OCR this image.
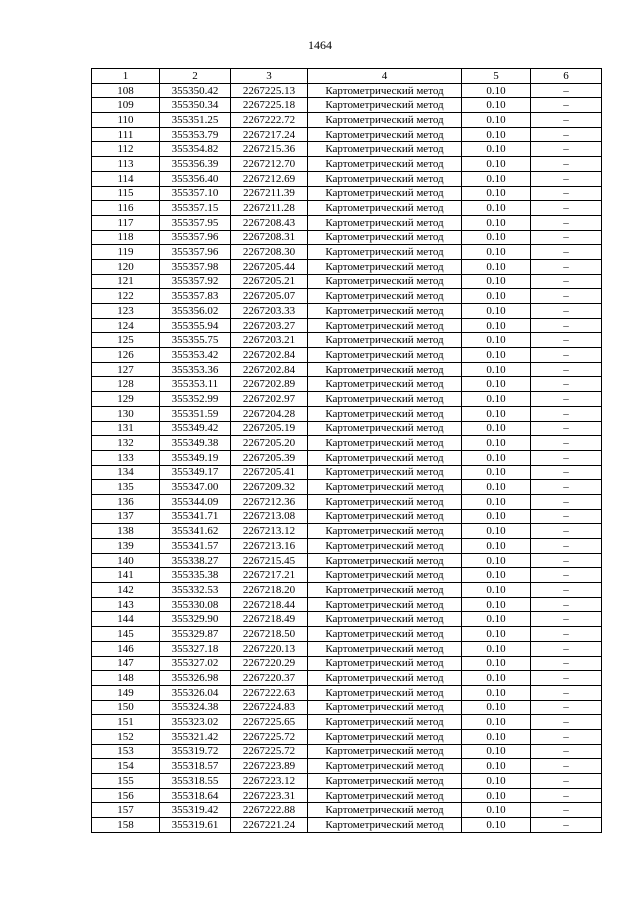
1464
1	2	3	4	5	6
108	355350.42	2267225.13	Картометрический метод	0.10	–
109	355350.34	2267225.18	Картометрический метод	0.10	–
110	355351.25	2267222.72	Картометрический метод	0.10	–
111	355353.79	2267217.24	Картометрический метод	0.10	–
112	355354.82	2267215.36	Картометрический метод	0.10	–
113	355356.39	2267212.70	Картометрический метод	0.10	–
114	355356.40	2267212.69	Картометрический метод	0.10	–
115	355357.10	2267211.39	Картометрический метод	0.10	–
116	355357.15	2267211.28	Картометрический метод	0.10	–
117	355357.95	2267208.43	Картометрический метод	0.10	–
118	355357.96	2267208.31	Картометрический метод	0.10	–
119	355357.96	2267208.30	Картометрический метод	0.10	–
120	355357.98	2267205.44	Картометрический метод	0.10	–
121	355357.92	2267205.21	Картометрический метод	0.10	–
122	355357.83	2267205.07	Картометрический метод	0.10	–
123	355356.02	2267203.33	Картометрический метод	0.10	–
124	355355.94	2267203.27	Картометрический метод	0.10	–
125	355355.75	2267203.21	Картометрический метод	0.10	–
126	355353.42	2267202.84	Картометрический метод	0.10	–
127	355353.36	2267202.84	Картометрический метод	0.10	–
128	355353.11	2267202.89	Картометрический метод	0.10	–
129	355352.99	2267202.97	Картометрический метод	0.10	–
130	355351.59	2267204.28	Картометрический метод	0.10	–
131	355349.42	2267205.19	Картометрический метод	0.10	–
132	355349.38	2267205.20	Картометрический метод	0.10	–
133	355349.19	2267205.39	Картометрический метод	0.10	–
134	355349.17	2267205.41	Картометрический метод	0.10	–
135	355347.00	2267209.32	Картометрический метод	0.10	–
136	355344.09	2267212.36	Картометрический метод	0.10	–
137	355341.71	2267213.08	Картометрический метод	0.10	–
138	355341.62	2267213.12	Картометрический метод	0.10	–
139	355341.57	2267213.16	Картометрический метод	0.10	–
140	355338.27	2267215.45	Картометрический метод	0.10	–
141	355335.38	2267217.21	Картометрический метод	0.10	–
142	355332.53	2267218.20	Картометрический метод	0.10	–
143	355330.08	2267218.44	Картометрический метод	0.10	–
144	355329.90	2267218.49	Картометрический метод	0.10	–
145	355329.87	2267218.50	Картометрический метод	0.10	–
146	355327.18	2267220.13	Картометрический метод	0.10	–
147	355327.02	2267220.29	Картометрический метод	0.10	–
148	355326.98	2267220.37	Картометрический метод	0.10	–
149	355326.04	2267222.63	Картометрический метод	0.10	–
150	355324.38	2267224.83	Картометрический метод	0.10	–
151	355323.02	2267225.65	Картометрический метод	0.10	–
152	355321.42	2267225.72	Картометрический метод	0.10	–
153	355319.72	2267225.72	Картометрический метод	0.10	–
154	355318.57	2267223.89	Картометрический метод	0.10	–
155	355318.55	2267223.12	Картометрический метод	0.10	–
156	355318.64	2267223.31	Картометрический метод	0.10	–
157	355319.42	2267222.88	Картометрический метод	0.10	–
158	355319.61	2267221.24	Картометрический метод	0.10	–
